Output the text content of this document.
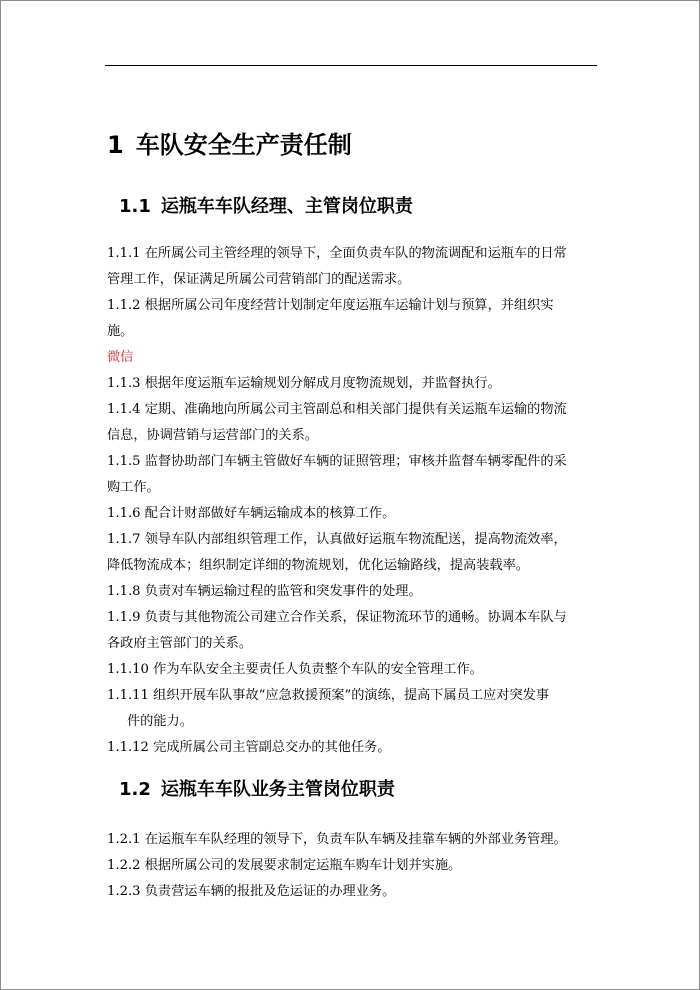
1 车队安全生产责任制
1.1 运瓶车车队经理、主管岗位职责
1.1.1 在所属公司主管经理的领导下，全面负责车队的物流调配和运瓶车的日常
管理工作，保证满足所属公司营销部门的配送需求。
1.1.2 根据所属公司年度经营计划制定年度运瓶车运输计划与预算，并组织实
施。
微信
1.1.3 根据年度运瓶车运输规划分解成月度物流规划，并监督执行。
1.1.4 定期、准确地向所属公司主管副总和相关部门提供有关运瓶车运输的物流
信息，协调营销与运营部门的关系。
1.1.5 监督协助部门车辆主管做好车辆的证照管理；审核并监督车辆零配件的采
购工作。
1.1.6 配合计财部做好车辆运输成本的核算工作。
1.1.7 领导车队内部组织管理工作，认真做好运瓶车物流配送，提高物流效率，
降低物流成本；组织制定详细的物流规划，优化运输路线，提高装载率。
1.1.8 负责对车辆运输过程的监管和突发事件的处理。
1.1.9 负责与其他物流公司建立合作关系，保证物流环节的通畅。协调本车队与
各政府主管部门的关系。
1.1.10 作为车队安全主要责任人负责整个车队的安全管理工作。
1.1.11 组织开展车队事故“应急救援预案”的演练，提高下属员工应对突发事
件的能力。
1.1.12 完成所属公司主管副总交办的其他任务。
1.2 运瓶车车队业务主管岗位职责
1.2.1 在运瓶车车队经理的领导下，负责车队车辆及挂靠车辆的外部业务管理。
1.2.2 根据所属公司的发展要求制定运瓶车购车计划并实施。
1.2.3 负责营运车辆的报批及危运证的办理业务。
